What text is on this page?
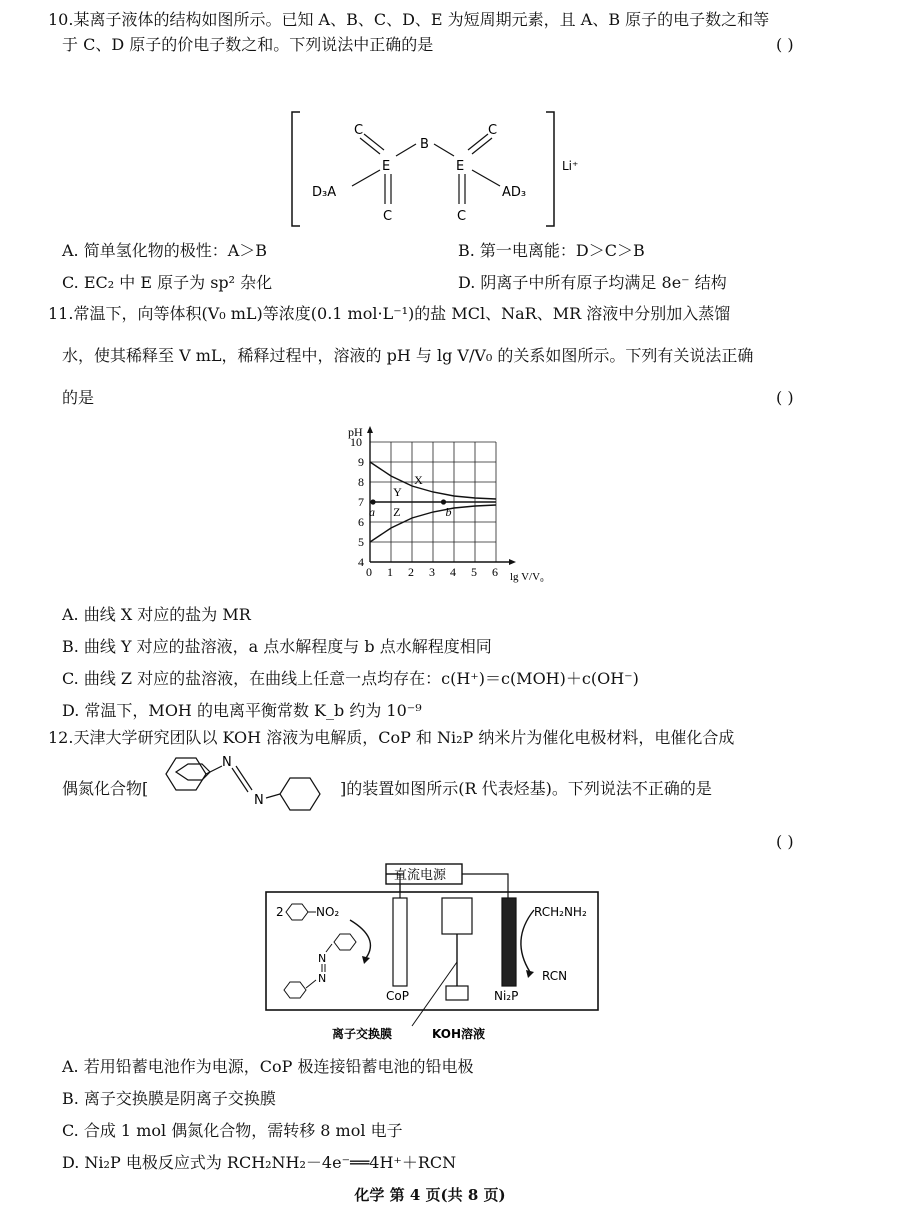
10.某离子液体的结构如图所示。已知 A、B、C、D、E 为短周期元素，且 A、B 原子的电子数之和等
于 C、D 原子的价电子数之和。下列说法中正确的是	( )
C
B
C
E	E
D₃A	AD₃
C	C
Li⁺
A. 简单氢化物的极性：A＞B	B. 第一电离能：D＞C＞B
C. EC₂ 中 E 原子为 sp² 杂化	D. 阴离子中所有原子均满足 8e⁻ 结构
11.常温下，向等体积(V₀ mL)等浓度(0.1 mol·L⁻¹)的盐 MCl、NaR、MR 溶液中分别加入蒸馏
水，使其稀释至 V mL，稀释过程中，溶液的 pH 与 lg V/V₀ 的关系如图所示。下列有关说法正确
的是	( )
0 1 2 3 4 5 6
4
5
6
7
8
9
10
pH
lg V/V₀
X
Y
Z
a	b
A. 曲线 X 对应的盐为 MR
B. 曲线 Y 对应的盐溶液，a 点水解程度与 b 点水解程度相同
C. 曲线 Z 对应的盐溶液，在曲线上任意一点均存在：c(H⁺)＝c(MOH)＋c(OH⁻)
D. 常温下，MOH 的电离平衡常数 K_b 约为 10⁻⁹
12.天津大学研究团队以 KOH 溶液为电解质，CoP 和 Ni₂P 纳米片为催化电极材料，电催化合成
偶氮化合物[
N
N
]的装置如图所示(R 代表烃基)。下列说法不正确的是
( )
直流电源
2	NO₂
N
N
CoP	Ni₂P
RCH₂NH₂
RCN
离子交换膜	KOH溶液
A. 若用铅蓄电池作为电源，CoP 极连接铅蓄电池的铅电极
B. 离子交换膜是阴离子交换膜
C. 合成 1 mol 偶氮化合物，需转移 8 mol 电子
D. Ni₂P 电极反应式为 RCH₂NH₂－4e⁻══4H⁺＋RCN
化学 第 4 页(共 8 页)
